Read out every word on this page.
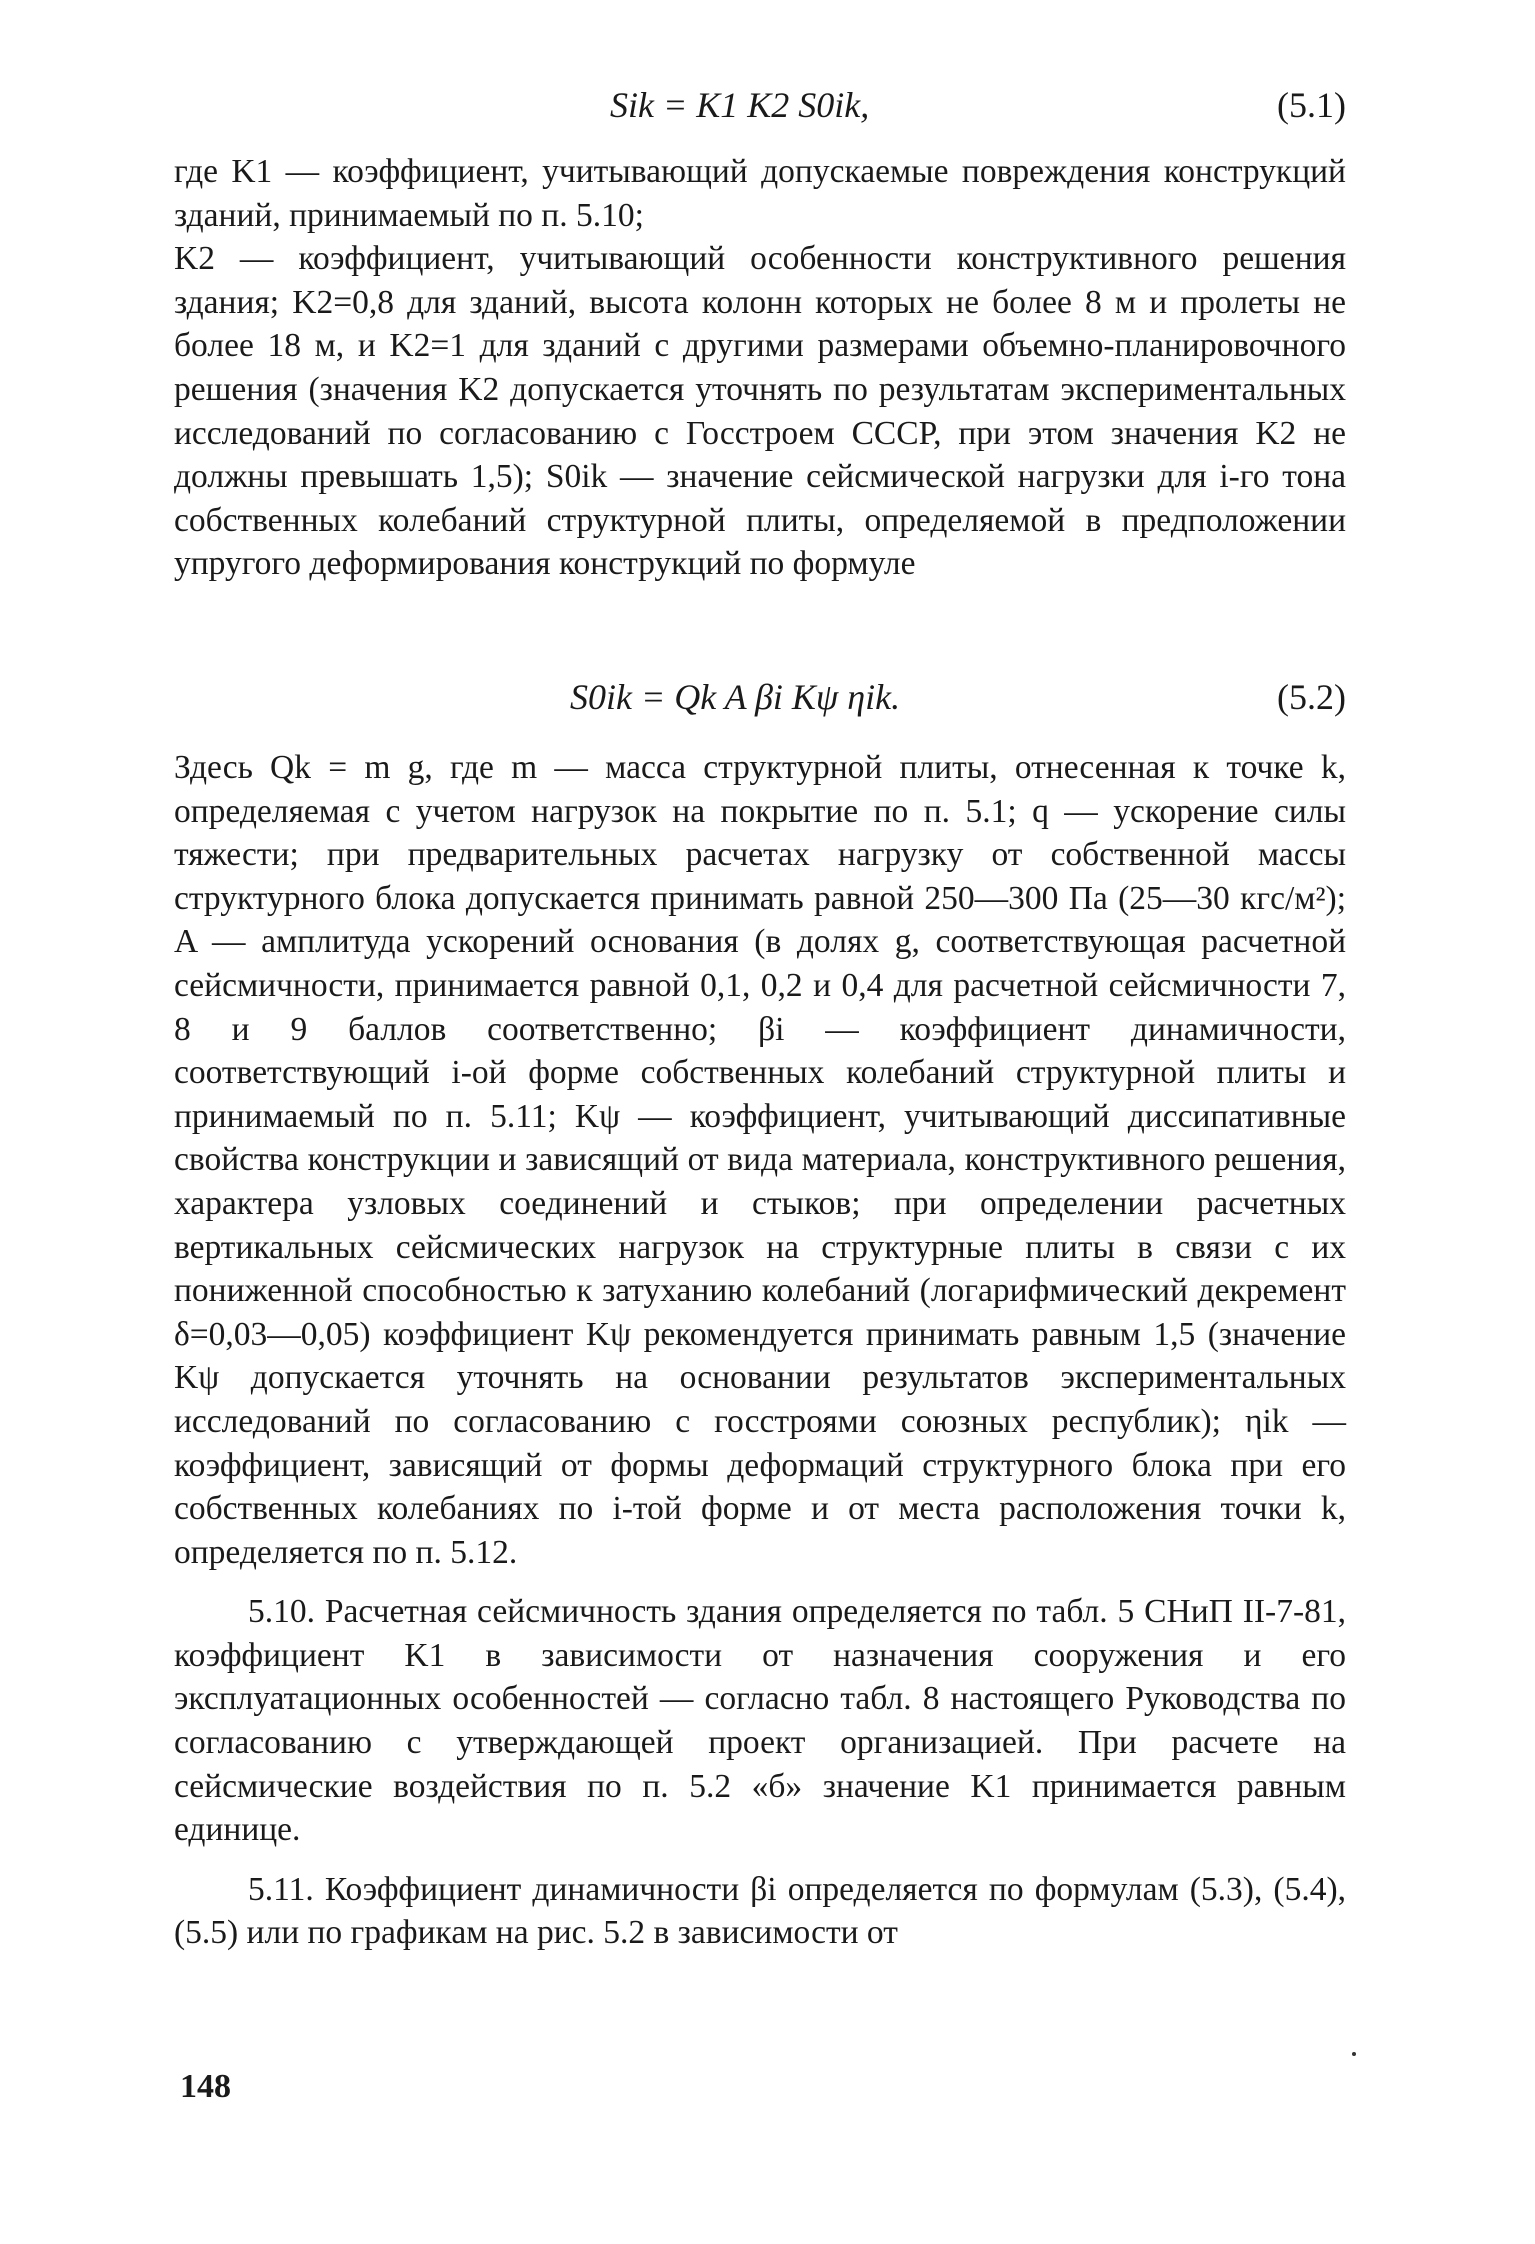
Sik = K1 K2 S0ik,	(5.1)

где K1 — коэффициент, учитывающий допускаемые повреждения конструкций зданий, принимаемый по п. 5.10;

K2 — коэффициент, учитывающий особенности конструктивного решения здания; K2=0,8 для зданий, высота колонн которых не более 8 м и пролеты не более 18 м, и K2=1 для зданий с другими размерами объемно-планировочного решения (значения K2 допускается уточнять по результатам экспериментальных исследований по согласованию с Госстроем СССР, при этом значения K2 не должны превышать 1,5); S0ik — значение сейсмической нагрузки для i-го тона собственных колебаний структурной плиты, определяемой в предположении упругого деформирования конструкций по формуле

S0ik = Qk A βi Kψ ηik.	(5.2)

Здесь Qk = m g, где m — масса структурной плиты, отнесенная к точке k, определяемая с учетом нагрузок на покрытие по п. 5.1; q — ускорение силы тяжести; при предварительных расчетах нагрузку от собственной массы структурного блока допускается принимать равной 250—300 Па (25—30 кгс/м²); A — амплитуда ускорений основания (в долях g, соответствующая расчетной сейсмичности, принимается равной 0,1, 0,2 и 0,4 для расчетной сейсмичности 7, 8 и 9 баллов соответственно; βi — коэффициент динамичности, соответствующий i-ой форме собственных колебаний структурной плиты и принимаемый по п. 5.11; Kψ — коэффициент, учитывающий диссипативные свойства конструкции и зависящий от вида материала, конструктивного решения, характера узловых соединений и стыков; при определении расчетных вертикальных сейсмических нагрузок на структурные плиты в связи с их пониженной способностью к затуханию колебаний (логарифмический декремент δ=0,03—0,05) коэффициент Kψ рекомендуется принимать равным 1,5 (значение Kψ допускается уточнять на основании результатов экспериментальных исследований по согласованию с госстроями союзных республик); ηik — коэффициент, зависящий от формы деформаций структурного блока при его собственных колебаниях по i-той форме и от места расположения точки k, определяется по п. 5.12.

5.10. Расчетная сейсмичность здания определяется по табл. 5 СНиП II-7-81, коэффициент K1 в зависимости от назначения сооружения и его эксплуатационных особенностей — согласно табл. 8 настоящего Руководства по согласованию с утверждающей проект организацией. При расчете на сейсмические воздействия по п. 5.2 «б» значение K1 принимается равным единице.

5.11. Коэффициент динамичности βi определяется по формулам (5.3), (5.4), (5.5) или по графикам на рис. 5.2 в зависимости от

148
